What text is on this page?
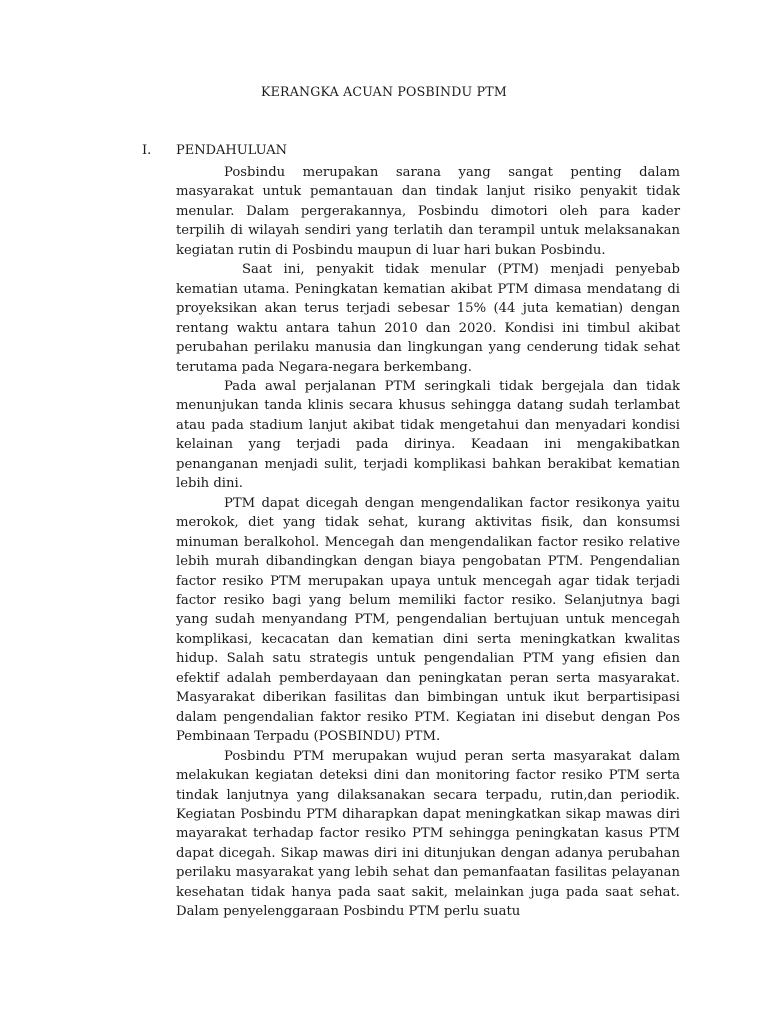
KERANGKA ACUAN POSBINDU PTM
I. PENDAHULUAN

Posbindu merupakan sarana yang sangat penting dalam masyarakat untuk pemantauan dan tindak lanjut risiko penyakit tidak menular. Dalam pergerakannya, Posbindu dimotori oleh para kader terpilih di wilayah sendiri yang terlatih dan terampil untuk melaksanakan kegiatan rutin di Posbindu maupun di luar hari bukan Posbindu.

Saat ini, penyakit tidak menular (PTM) menjadi penyebab kematian utama. Peningkatan kematian akibat PTM dimasa mendatang di proyeksikan akan terus terjadi sebesar 15% (44 juta kematian) dengan rentang waktu antara tahun 2010 dan 2020. Kondisi ini timbul akibat perubahan perilaku manusia dan lingkungan yang cenderung tidak sehat terutama pada Negara-negara berkembang.

Pada awal perjalanan PTM seringkali tidak bergejala dan tidak menunjukan tanda klinis secara khusus sehingga datang sudah terlambat atau pada stadium lanjut akibat tidak mengetahui dan menyadari kondisi kelainan yang terjadi pada dirinya. Keadaan ini mengakibatkan penanganan menjadi sulit, terjadi komplikasi bahkan berakibat kematian lebih dini.

PTM dapat dicegah dengan mengendalikan factor resikonya yaitu merokok, diet yang tidak sehat, kurang aktivitas fisik, dan konsumsi minuman beralkohol. Mencegah dan mengendalikan factor resiko relative lebih murah dibandingkan dengan biaya pengobatan PTM. Pengendalian factor resiko PTM merupakan upaya untuk mencegah agar tidak terjadi factor resiko bagi yang belum memiliki factor resiko. Selanjutnya bagi yang sudah menyandang PTM, pengendalian bertujuan untuk mencegah komplikasi, kecacatan dan kematian dini serta meningkatkan kwalitas hidup. Salah satu strategis untuk pengendalian PTM yang efisien dan efektif adalah pemberdayaan dan peningkatan peran serta masyarakat. Masyarakat diberikan fasilitas dan bimbingan untuk ikut berpartisipasi dalam pengendalian faktor resiko PTM. Kegiatan ini disebut dengan Pos Pembinaan Terpadu (POSBINDU) PTM.

Posbindu PTM merupakan wujud peran serta masyarakat dalam melakukan kegiatan deteksi dini dan monitoring factor resiko PTM serta tindak lanjutnya yang dilaksanakan secara terpadu, rutin,dan periodik. Kegiatan Posbindu PTM diharapkan dapat meningkatkan sikap mawas diri mayarakat terhadap factor resiko PTM sehingga peningkatan kasus PTM dapat dicegah. Sikap mawas diri ini ditunjukan dengan adanya perubahan perilaku masyarakat yang lebih sehat dan pemanfaatan fasilitas pelayanan kesehatan tidak hanya pada saat sakit, melainkan juga pada saat sehat. Dalam penyelenggaraan Posbindu PTM perlu suatu
